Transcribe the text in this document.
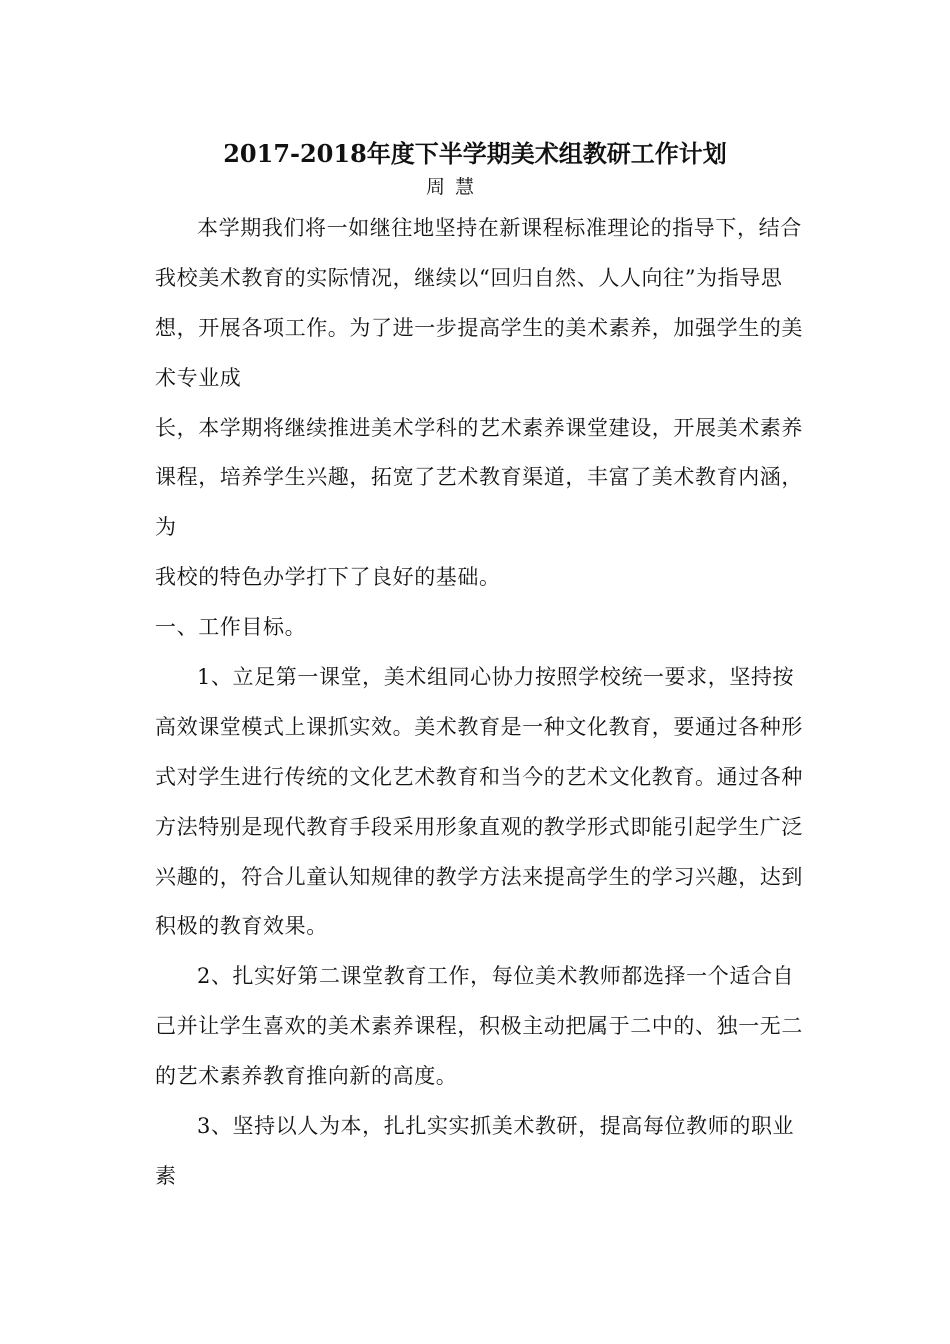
2017-2018年度下半学期美术组教研工作计划
周慧
本学期我们将一如继往地坚持在新课程标准理论的指导下，结合
我校美术教育的实际情况，继续以“回归自然、人人向往”为指导思
想，开展各项工作。为了进一步提高学生的美术素养，加强学生的美
术专业成
长，本学期将继续推进美术学科的艺术素养课堂建设，开展美术素养
课程，培养学生兴趣，拓宽了艺术教育渠道，丰富了美术教育内涵，
为
我校的特色办学打下了良好的基础。
一、工作目标。
1、立足第一课堂，美术组同心协力按照学校统一要求，坚持按
高效课堂模式上课抓实效。美术教育是一种文化教育，要通过各种形
式对学生进行传统的文化艺术教育和当今的艺术文化教育。通过各种
方法特别是现代教育手段采用形象直观的教学形式即能引起学生广泛
兴趣的，符合儿童认知规律的教学方法来提高学生的学习兴趣，达到
积极的教育效果。
2、扎实好第二课堂教育工作，每位美术教师都选择一个适合自
己并让学生喜欢的美术素养课程，积极主动把属于二中的、独一无二
的艺术素养教育推向新的高度。
3、坚持以人为本，扎扎实实抓美术教研，提高每位教师的职业
素
